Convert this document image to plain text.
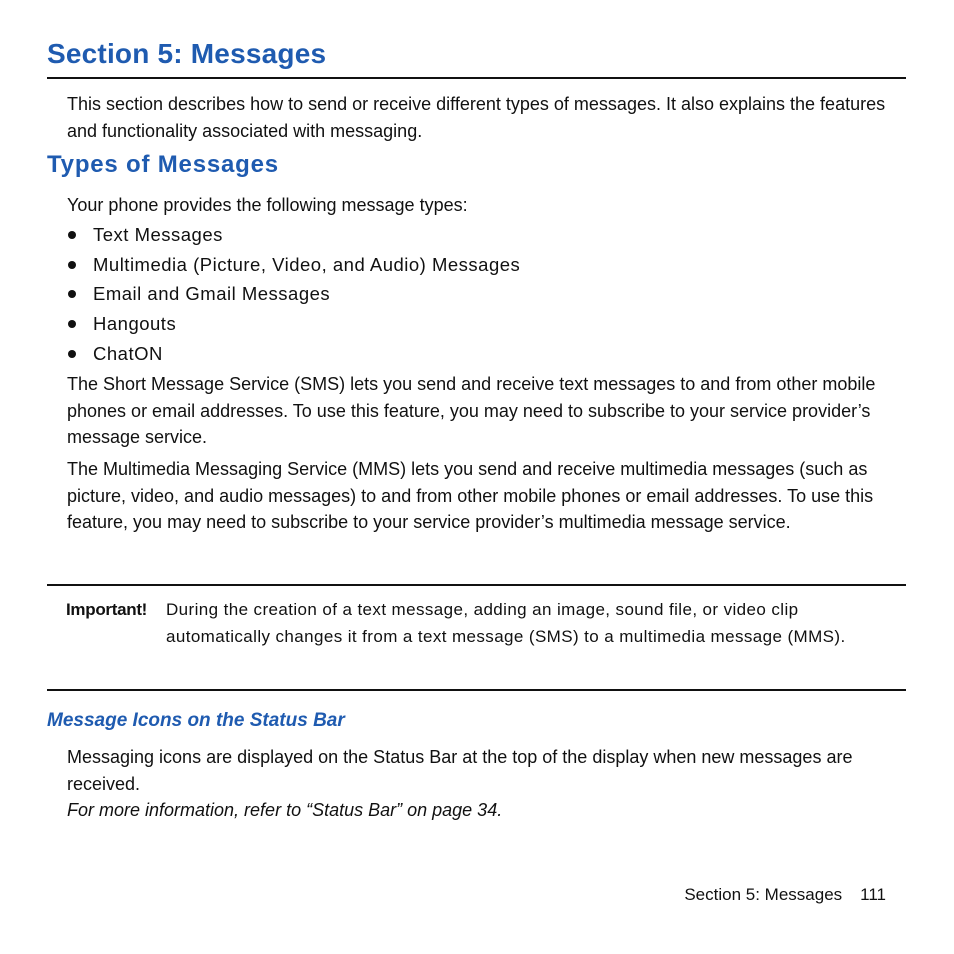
Section 5: Messages

This section describes how to send or receive different types of messages. It also explains the features and functionality associated with messaging.

Types of Messages

Your phone provides the following message types:

Text Messages
Multimedia (Picture, Video, and Audio) Messages
Email and Gmail Messages
Hangouts
ChatON

The Short Message Service (SMS) lets you send and receive text messages to and from other mobile phones or email addresses. To use this feature, you may need to subscribe to your service provider’s message service.

The Multimedia Messaging Service (MMS) lets you send and receive multimedia messages (such as picture, video, and audio messages) to and from other mobile phones or email addresses. To use this feature, you may need to subscribe to your service provider’s multimedia message service.

Important! During the creation of a text message, adding an image, sound file, or video clip automatically changes it from a text message (SMS) to a multimedia message (MMS).

Message Icons on the Status Bar

Messaging icons are displayed on the Status Bar at the top of the display when new messages are received.

For more information, refer to “Status Bar” on page 34.

Section 5: Messages 111
